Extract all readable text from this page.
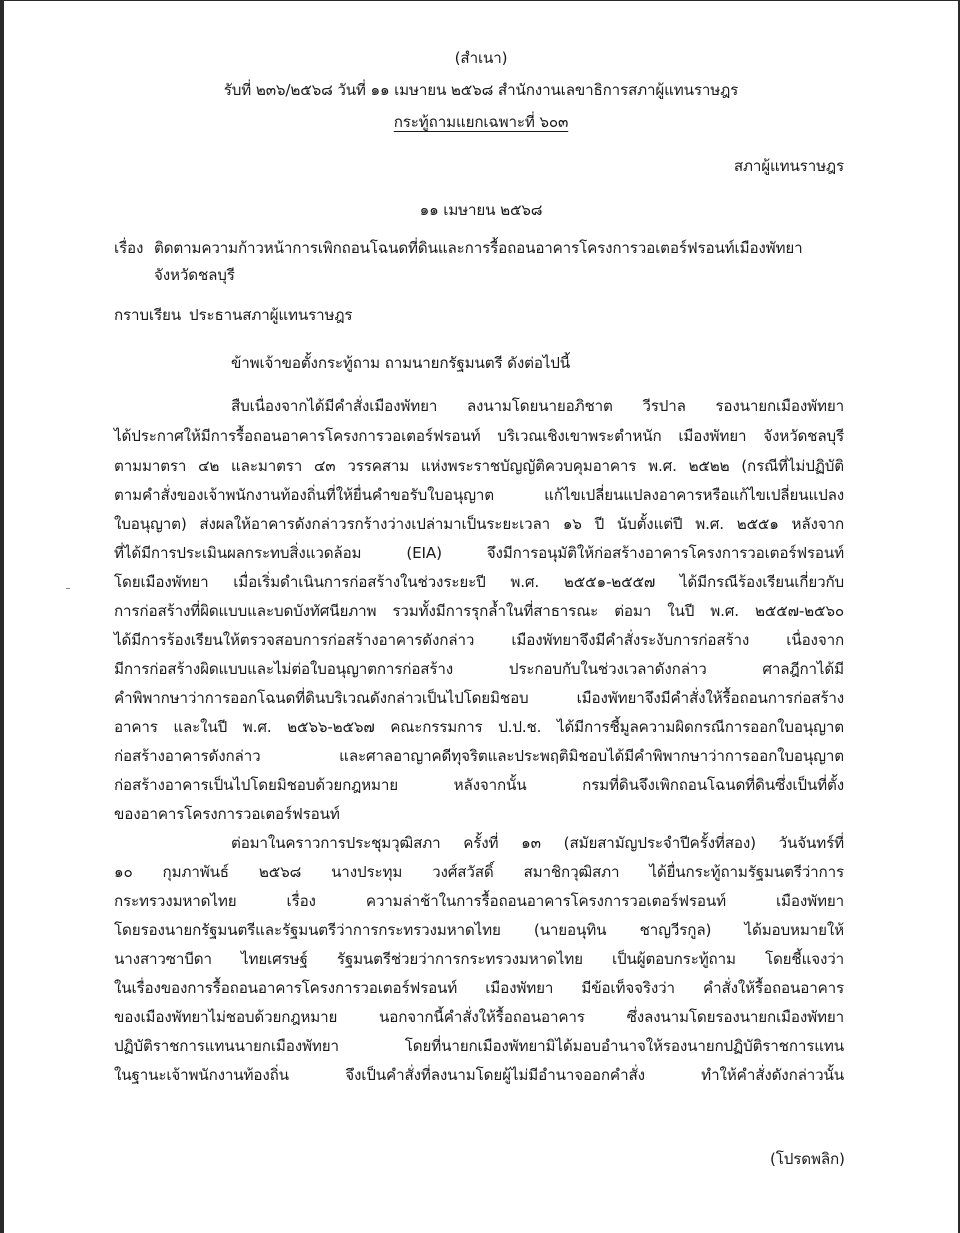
(สำเนา)
รับที่ ๒๓๖/๒๕๖๘ วันที่ ๑๑ เมษายน ๒๕๖๘ สำนักงานเลขาธิการสภาผู้แทนราษฎร
กระทู้ถามแยกเฉพาะที่ ๖๐๓
สภาผู้แทนราษฎร
๑๑ เมษายน ๒๕๖๘
เรื่อง ติดตามความก้าวหน้าการเพิกถอนโฉนดที่ดินและการรื้อถอนอาคารโครงการวอเตอร์ฟรอนท์เมืองพัทยา
จังหวัดชลบุรี
กราบเรียน ประธานสภาผู้แทนราษฎร
ข้าพเจ้าขอตั้งกระทู้ถาม ถามนายกรัฐมนตรี ดังต่อไปนี้
สืบเนื่องจากได้มีคำสั่งเมืองพัทยา ลงนามโดยนายอภิชาต วีรปาล รองนายกเมืองพัทยา
ได้ประกาศให้มีการรื้อถอนอาคารโครงการวอเตอร์ฟรอนท์ บริเวณเชิงเขาพระตำหนัก เมืองพัทยา จังหวัดชลบุรี
ตามมาตรา ๔๒ และมาตรา ๔๓ วรรคสาม แห่งพระราชบัญญัติควบคุมอาคาร พ.ศ. ๒๕๒๒ (กรณีที่ไม่ปฏิบัติ
ตามคำสั่งของเจ้าพนักงานท้องถิ่นที่ให้ยื่นคำขอรับใบอนุญาต แก้ไขเปลี่ยนแปลงอาคารหรือแก้ไขเปลี่ยนแปลง
ใบอนุญาต) ส่งผลให้อาคารดังกล่าวรกร้างว่างเปล่ามาเป็นระยะเวลา ๑๖ ปี นับตั้งแต่ปี พ.ศ. ๒๕๕๑ หลังจาก
ที่ได้มีการประเมินผลกระทบสิ่งแวดล้อม (EIA) จึงมีการอนุมัติให้ก่อสร้างอาคารโครงการวอเตอร์ฟรอนท์
โดยเมืองพัทยา เมื่อเริ่มดำเนินการก่อสร้างในช่วงระยะปี พ.ศ. ๒๕๕๑-๒๕๕๗ ได้มีกรณีร้องเรียนเกี่ยวกับ
การก่อสร้างที่ผิดแบบและบดบังทัศนียภาพ รวมทั้งมีการรุกล้ำในที่สาธารณะ ต่อมา ในปี พ.ศ. ๒๕๕๗-๒๕๖๐
ได้มีการร้องเรียนให้ตรวจสอบการก่อสร้างอาคารดังกล่าว เมืองพัทยาจึงมีคำสั่งระงับการก่อสร้าง เนื่องจาก
มีการก่อสร้างผิดแบบและไม่ต่อใบอนุญาตการก่อสร้าง ประกอบกับในช่วงเวลาดังกล่าว ศาลฎีกาได้มี
คำพิพากษาว่าการออกโฉนดที่ดินบริเวณดังกล่าวเป็นไปโดยมิชอบ เมืองพัทยาจึงมีคำสั่งให้รื้อถอนการก่อสร้าง
อาคาร และในปี พ.ศ. ๒๕๖๖-๒๕๖๗ คณะกรรมการ ป.ป.ช. ได้มีการชี้มูลความผิดกรณีการออกใบอนุญาต
ก่อสร้างอาคารดังกล่าว และศาลอาญาคดีทุจริตและประพฤติมิชอบได้มีคำพิพากษาว่าการออกใบอนุญาต
ก่อสร้างอาคารเป็นไปโดยมิชอบด้วยกฎหมาย หลังจากนั้น กรมที่ดินจึงเพิกถอนโฉนดที่ดินซึ่งเป็นที่ตั้ง
ของอาคารโครงการวอเตอร์ฟรอนท์
ต่อมาในคราวการประชุมวุฒิสภา ครั้งที่ ๑๓ (สมัยสามัญประจำปีครั้งที่สอง) วันจันทร์ที่
๑๐ กุมภาพันธ์ ๒๕๖๘ นางประทุม วงศ์สวัสดิ์ สมาชิกวุฒิสภา ได้ยื่นกระทู้ถามรัฐมนตรีว่าการ
กระทรวงมหาดไทย เรื่อง ความล่าช้าในการรื้อถอนอาคารโครงการวอเตอร์ฟรอนท์ เมืองพัทยา
โดยรองนายกรัฐมนตรีและรัฐมนตรีว่าการกระทรวงมหาดไทย (นายอนุทิน ชาญวีรกูล) ได้มอบหมายให้
นางสาวซาบีดา ไทยเศรษฐ์ รัฐมนตรีช่วยว่าการกระทรวงมหาดไทย เป็นผู้ตอบกระทู้ถาม โดยชี้แจงว่า
ในเรื่องของการรื้อถอนอาคารโครงการวอเตอร์ฟรอนท์ เมืองพัทยา มีข้อเท็จจริงว่า คำสั่งให้รื้อถอนอาคาร
ของเมืองพัทยาไม่ชอบด้วยกฎหมาย นอกจากนี้คำสั่งให้รื้อถอนอาคาร ซึ่งลงนามโดยรองนายกเมืองพัทยา
ปฏิบัติราชการแทนนายกเมืองพัทยา โดยที่นายกเมืองพัทยามิได้มอบอำนาจให้รองนายกปฏิบัติราชการแทน
ในฐานะเจ้าพนักงานท้องถิ่น จึงเป็นคำสั่งที่ลงนามโดยผู้ไม่มีอำนาจออกคำสั่ง ทำให้คำสั่งดังกล่าวนั้น
(โปรดพลิก)
